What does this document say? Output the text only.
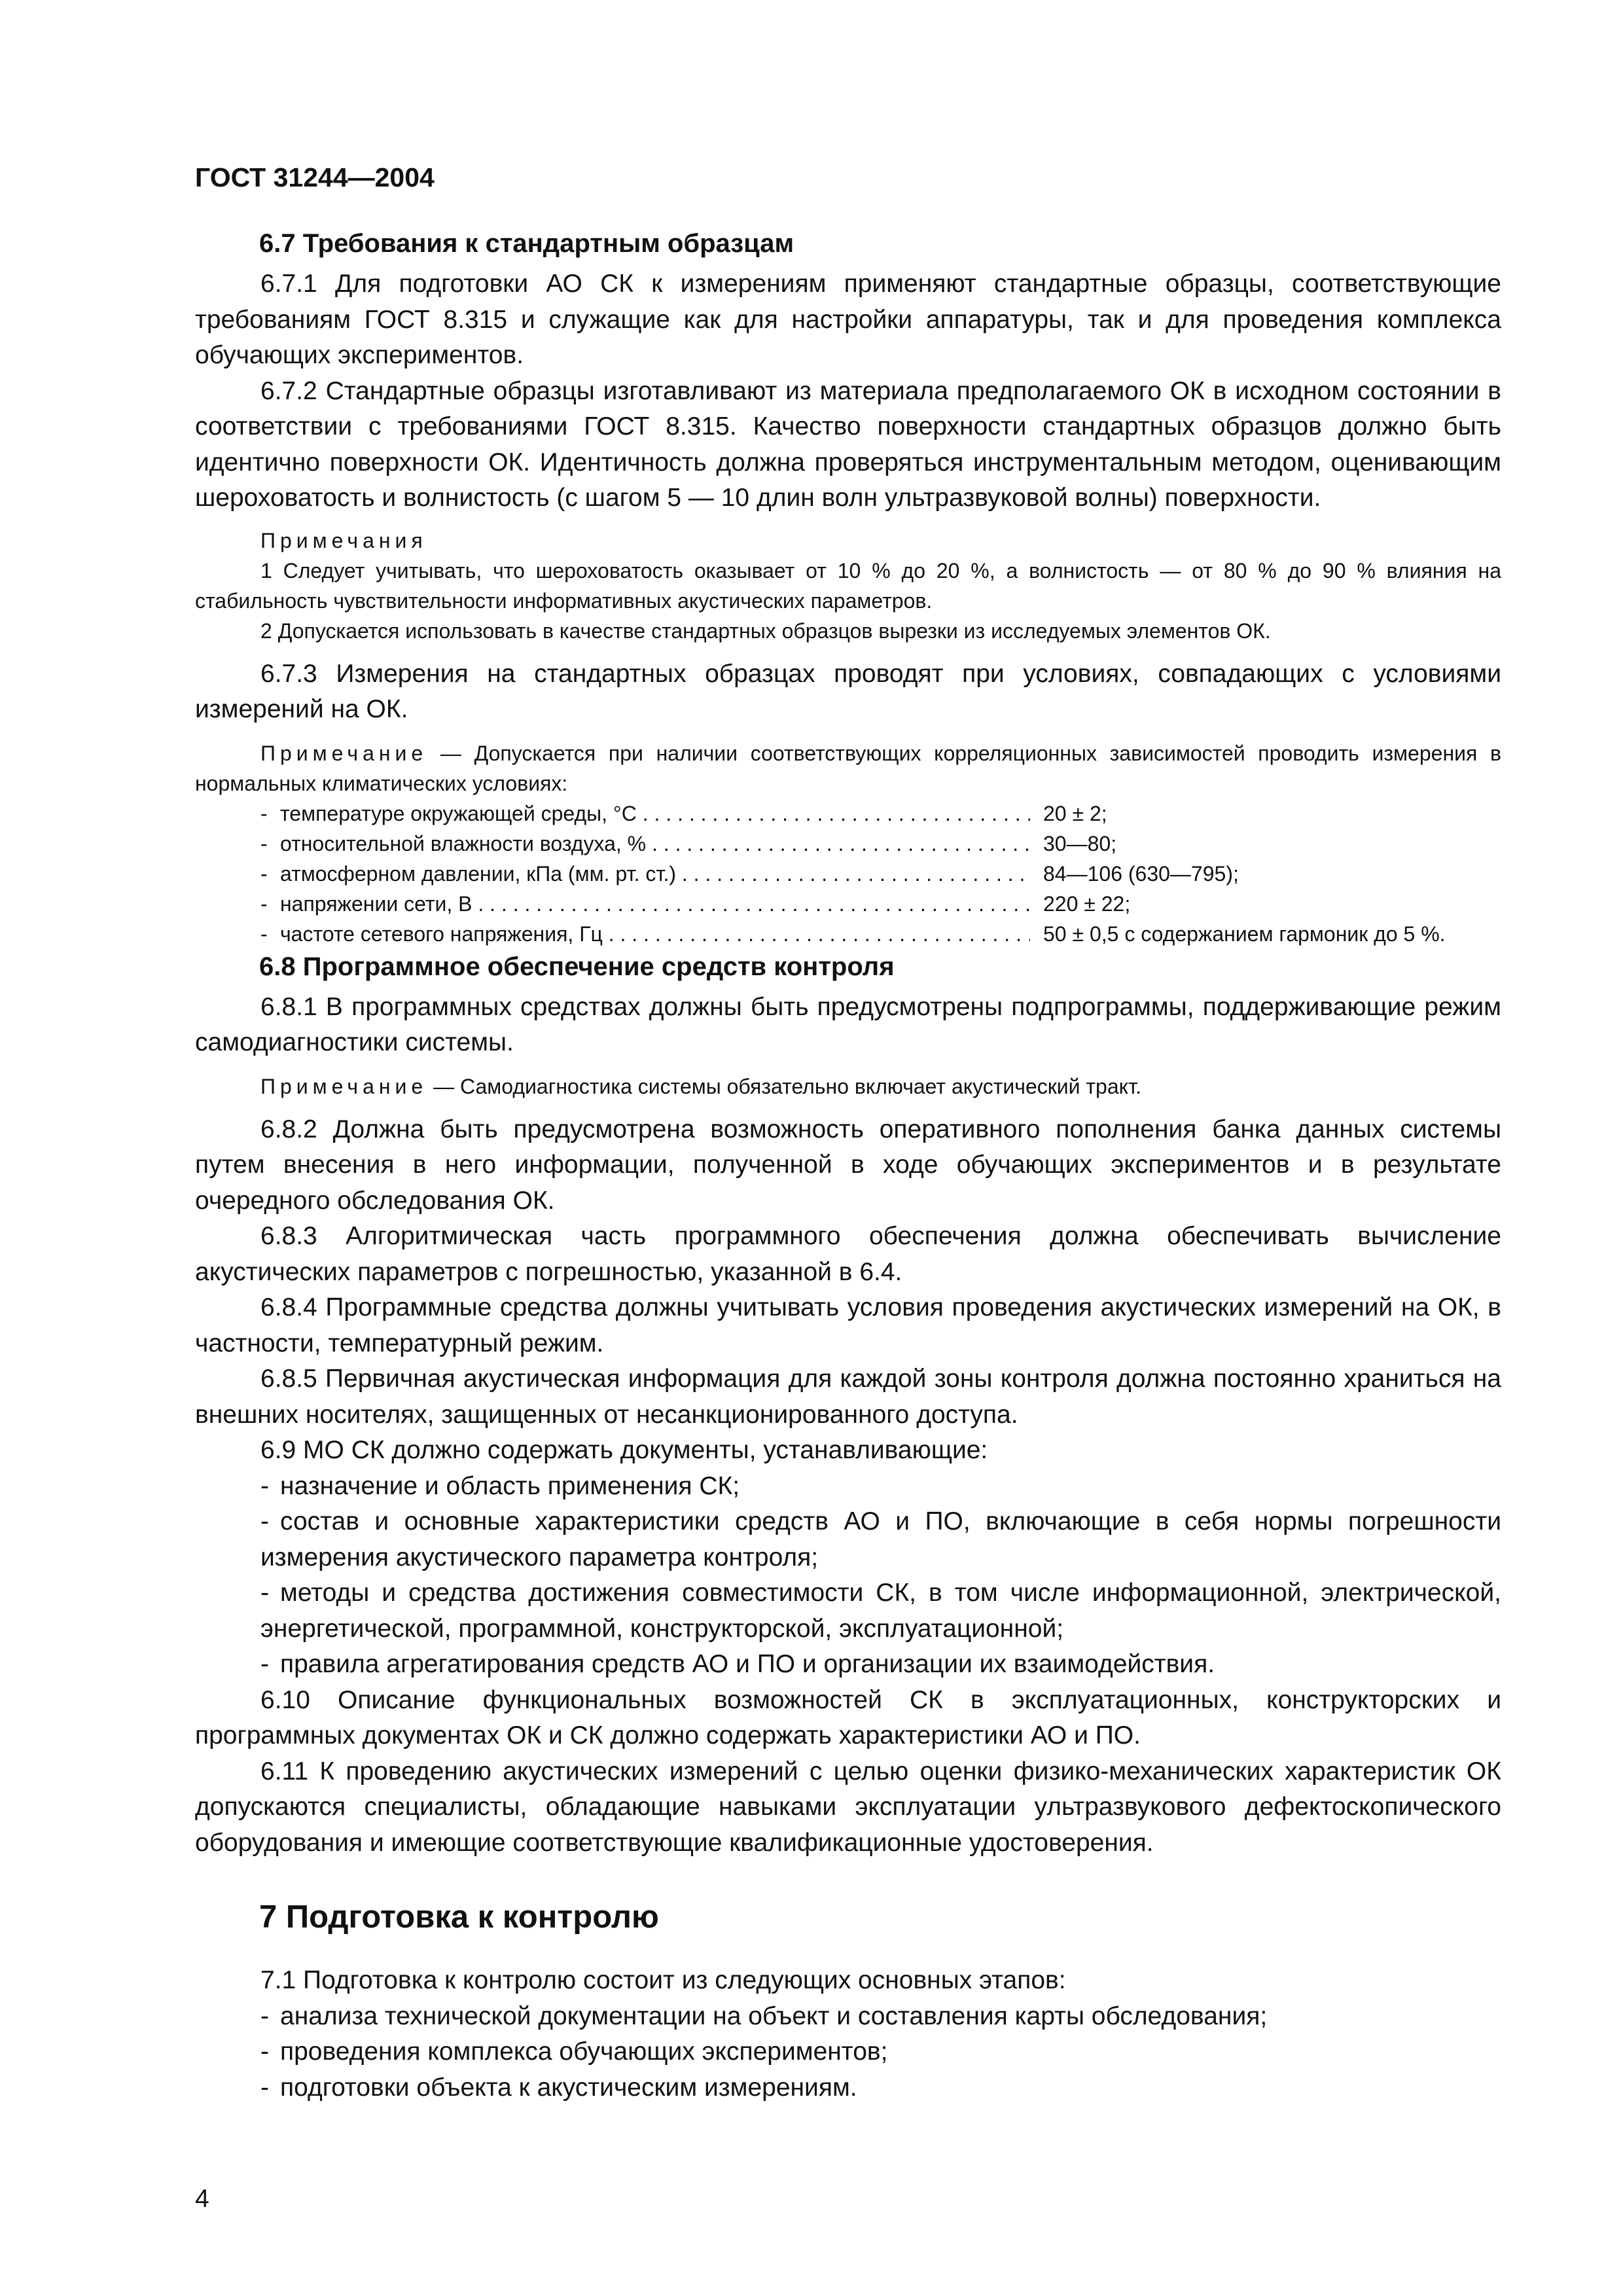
ГОСТ 31244—2004
6.7 Требования к стандартным образцам

6.7.1 Для подготовки АО СК к измерениям применяют стандартные образцы, соответствующие требованиям ГОСТ 8.315 и служащие как для настройки аппаратуры, так и для проведения комплекса обучающих экспериментов.

6.7.2 Стандартные образцы изготавливают из материала предполагаемого ОК в исходном состоянии в соответствии с требованиями ГОСТ 8.315. Качество поверхности стандартных образцов должно быть идентично поверхности ОК. Идентичность должна проверяться инструментальным методом, оценивающим шероховатость и волнистость (с шагом 5 — 10 длин волн ультразвуковой волны) поверхности.

Примечания

1 Следует учитывать, что шероховатость оказывает от 10 % до 20 %, а волнистость — от 80 % до 90 % влияния на стабильность чувствительности информативных акустических параметров.

2 Допускается использовать в качестве стандартных образцов вырезки из исследуемых элементов ОК.

6.7.3 Измерения на стандартных образцах проводят при условиях, совпадающих с условиями измерений на ОК.

Примечание — Допускается при наличии соответствующих корреляционных зависимостей проводить измерения в нормальных климатических условиях:

- температуре окружающей среды, °С . . .	20 ± 2;
- относительной влажности воздуха, % . . .	30—80;
- атмосферном давлении, кПа (мм. рт. ст.) . . .	84—106 (630—795);
- напряжении сети, В . . .	220 ± 22;
- частоте сетевого напряжения, Гц . . .	50 ± 0,5 с содержанием гармоник до 5 %.
6.8 Программное обеспечение средств контроля

6.8.1 В программных средствах должны быть предусмотрены подпрограммы, поддерживающие режим самодиагностики системы.

Примечание — Самодиагностика системы обязательно включает акустический тракт.

6.8.2 Должна быть предусмотрена возможность оперативного пополнения банка данных системы путем внесения в него информации, полученной в ходе обучающих экспериментов и в результате очередного обследования ОК.

6.8.3 Алгоритмическая часть программного обеспечения должна обеспечивать вычисление акустических параметров с погрешностью, указанной в 6.4.

6.8.4 Программные средства должны учитывать условия проведения акустических измерений на ОК, в частности, температурный режим.

6.8.5 Первичная акустическая информация для каждой зоны контроля должна постоянно храниться на внешних носителях, защищенных от несанкционированного доступа.

6.9 МО СК должно содержать документы, устанавливающие:

- назначение и область применения СК;

- состав и основные характеристики средств АО и ПО, включающие в себя нормы погрешности измерения акустического параметра контроля;

- методы и средства достижения совместимости СК, в том числе информационной, электрической, энергетической, программной, конструкторской, эксплуатационной;

- правила агрегатирования средств АО и ПО и организации их взаимодействия.

6.10 Описание функциональных возможностей СК в эксплуатационных, конструкторских и программных документах ОК и СК должно содержать характеристики АО и ПО.

6.11 К проведению акустических измерений с целью оценки физико-механических характеристик ОК допускаются специалисты, обладающие навыками эксплуатации ультразвукового дефектоскопического оборудования и имеющие соответствующие квалификационные удостоверения.

7 Подготовка к контролю

7.1 Подготовка к контролю состоит из следующих основных этапов:

- анализа технической документации на объект и составления карты обследования;

- проведения комплекса обучающих экспериментов;

- подготовки объекта к акустическим измерениям.

4
